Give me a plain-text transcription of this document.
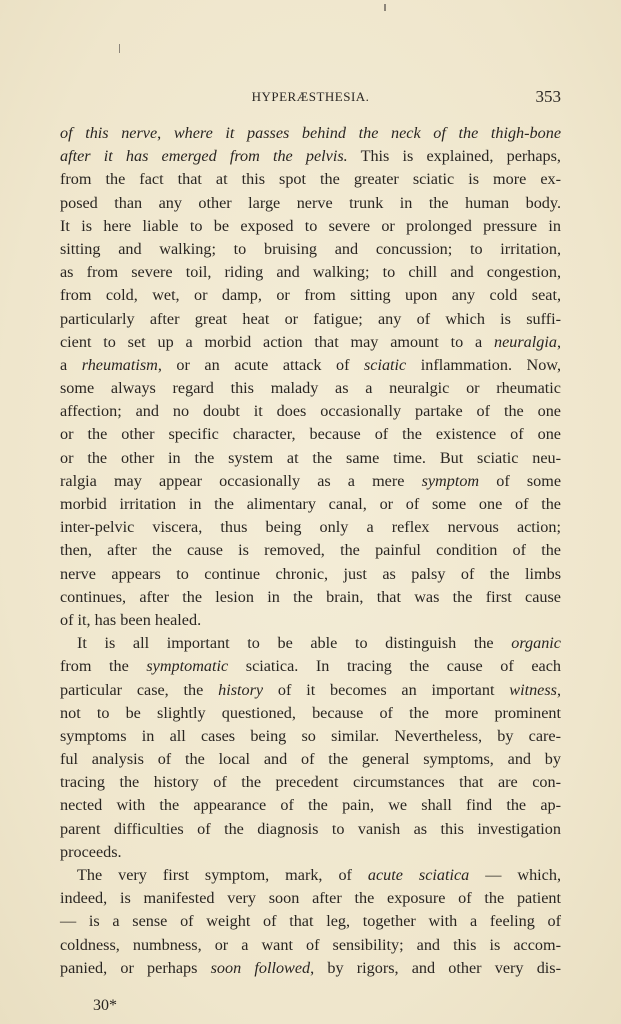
HYPERÆSTHESIA.	353
of this nerve, where it passes behind the neck of the thigh-bone
after it has emerged from the pelvis. This is explained, perhaps,
from the fact that at this spot the greater sciatic is more ex-
posed than any other large nerve trunk in the human body.
It is here liable to be exposed to severe or prolonged pressure in
sitting and walking; to bruising and concussion; to irritation,
as from severe toil, riding and walking; to chill and congestion,
from cold, wet, or damp, or from sitting upon any cold seat,
particularly after great heat or fatigue; any of which is suffi-
cient to set up a morbid action that may amount to a neuralgia,
a rheumatism, or an acute attack of sciatic inflammation. Now,
some always regard this malady as a neuralgic or rheumatic
affection; and no doubt it does occasionally partake of the one
or the other specific character, because of the existence of one
or the other in the system at the same time. But sciatic neu-
ralgia may appear occasionally as a mere symptom of some
morbid irritation in the alimentary canal, or of some one of the
inter-pelvic viscera, thus being only a reflex nervous action;
then, after the cause is removed, the painful condition of the
nerve appears to continue chronic, just as palsy of the limbs
continues, after the lesion in the brain, that was the first cause
of it, has been healed.
It is all important to be able to distinguish the organic
from the symptomatic sciatica. In tracing the cause of each
particular case, the history of it becomes an important witness,
not to be slightly questioned, because of the more prominent
symptoms in all cases being so similar. Nevertheless, by care-
ful analysis of the local and of the general symptoms, and by
tracing the history of the precedent circumstances that are con-
nected with the appearance of the pain, we shall find the ap-
parent difficulties of the diagnosis to vanish as this investigation
proceeds.
The very first symptom, mark, of acute sciatica — which,
indeed, is manifested very soon after the exposure of the patient
— is a sense of weight of that leg, together with a feeling of
coldness, numbness, or a want of sensibility; and this is accom-
panied, or perhaps soon followed, by rigors, and other very dis-
30*
